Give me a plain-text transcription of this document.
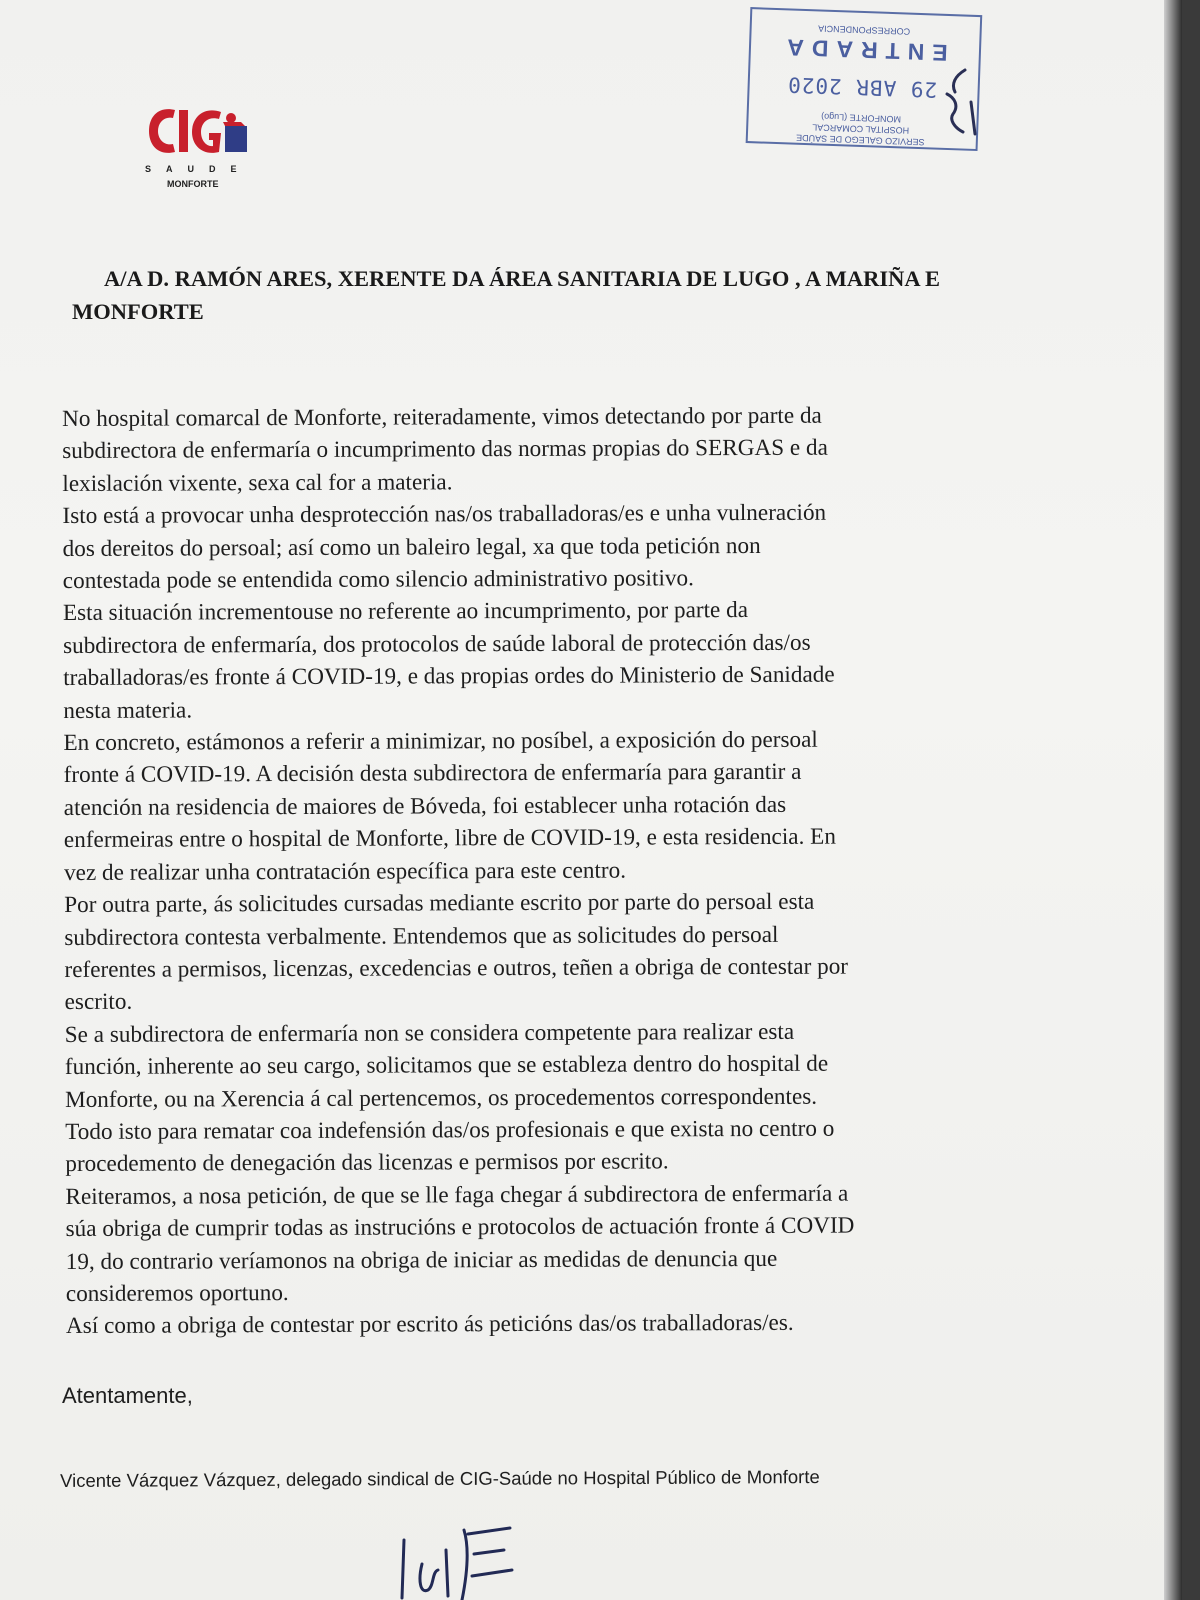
SAUDE
MONFORTE
SERVIZO GALEGO DE SAÚDE
HOSPITAL COMARCAL
MONFORTE (Lugo)
29 ABR 2020
ENTRADA
CORRESPONDENCIA
A/A D. RAMÓN ARES, XERENTE DA ÁREA SANITARIA DE LUGO , A MARIÑA E MONFORTE
No hospital comarcal de Monforte, reiteradamente, vimos detectando por parte da
subdirectora de enfermaría o incumprimento das normas propias do SERGAS e da
lexislación vixente, sexa cal for a materia.
Isto está a provocar unha desprotección nas/os traballadoras/es e unha vulneración
dos dereitos do persoal; así como un baleiro legal, xa que toda petición non
contestada pode se entendida como silencio administrativo positivo.
Esta situación incrementouse no referente ao incumprimento, por parte da
subdirectora de enfermaría, dos protocolos de saúde laboral de protección das/os
traballadoras/es fronte á COVID-19, e das propias ordes do Ministerio de Sanidade
nesta materia.
En concreto, estámonos a referir a minimizar, no posíbel, a exposición do persoal
fronte á COVID-19. A decisión desta subdirectora de enfermaría para garantir a
atención na residencia de maiores de Bóveda, foi establecer unha rotación das
enfermeiras entre o hospital de Monforte, libre de COVID-19, e esta residencia. En
vez de realizar unha contratación específica para este centro.
Por outra parte, ás solicitudes cursadas mediante escrito por parte do persoal esta
subdirectora contesta verbalmente. Entendemos que as solicitudes do persoal
referentes a permisos, licenzas, excedencias e outros, teñen a obriga de contestar por
escrito.
Se a subdirectora de enfermaría non se considera competente para realizar esta
función, inherente ao seu cargo, solicitamos que se estableza dentro do hospital de
Monforte, ou na Xerencia á cal pertencemos, os procedementos correspondentes.
Todo isto para rematar coa indefensión das/os profesionais e que exista no centro o
procedemento de denegación das licenzas e permisos por escrito.
Reiteramos, a nosa petición, de que se lle faga chegar á subdirectora de enfermaría a
súa obriga de cumprir todas as instrucións e protocolos de actuación fronte á COVID
19, do contrario veríamonos na obriga de iniciar as medidas de denuncia que
consideremos oportuno.
Así como a obriga de contestar por escrito ás peticións das/os traballadoras/es.
Atentamente,
Vicente Vázquez Vázquez, delegado sindical de CIG-Saúde no Hospital Público de Monforte
